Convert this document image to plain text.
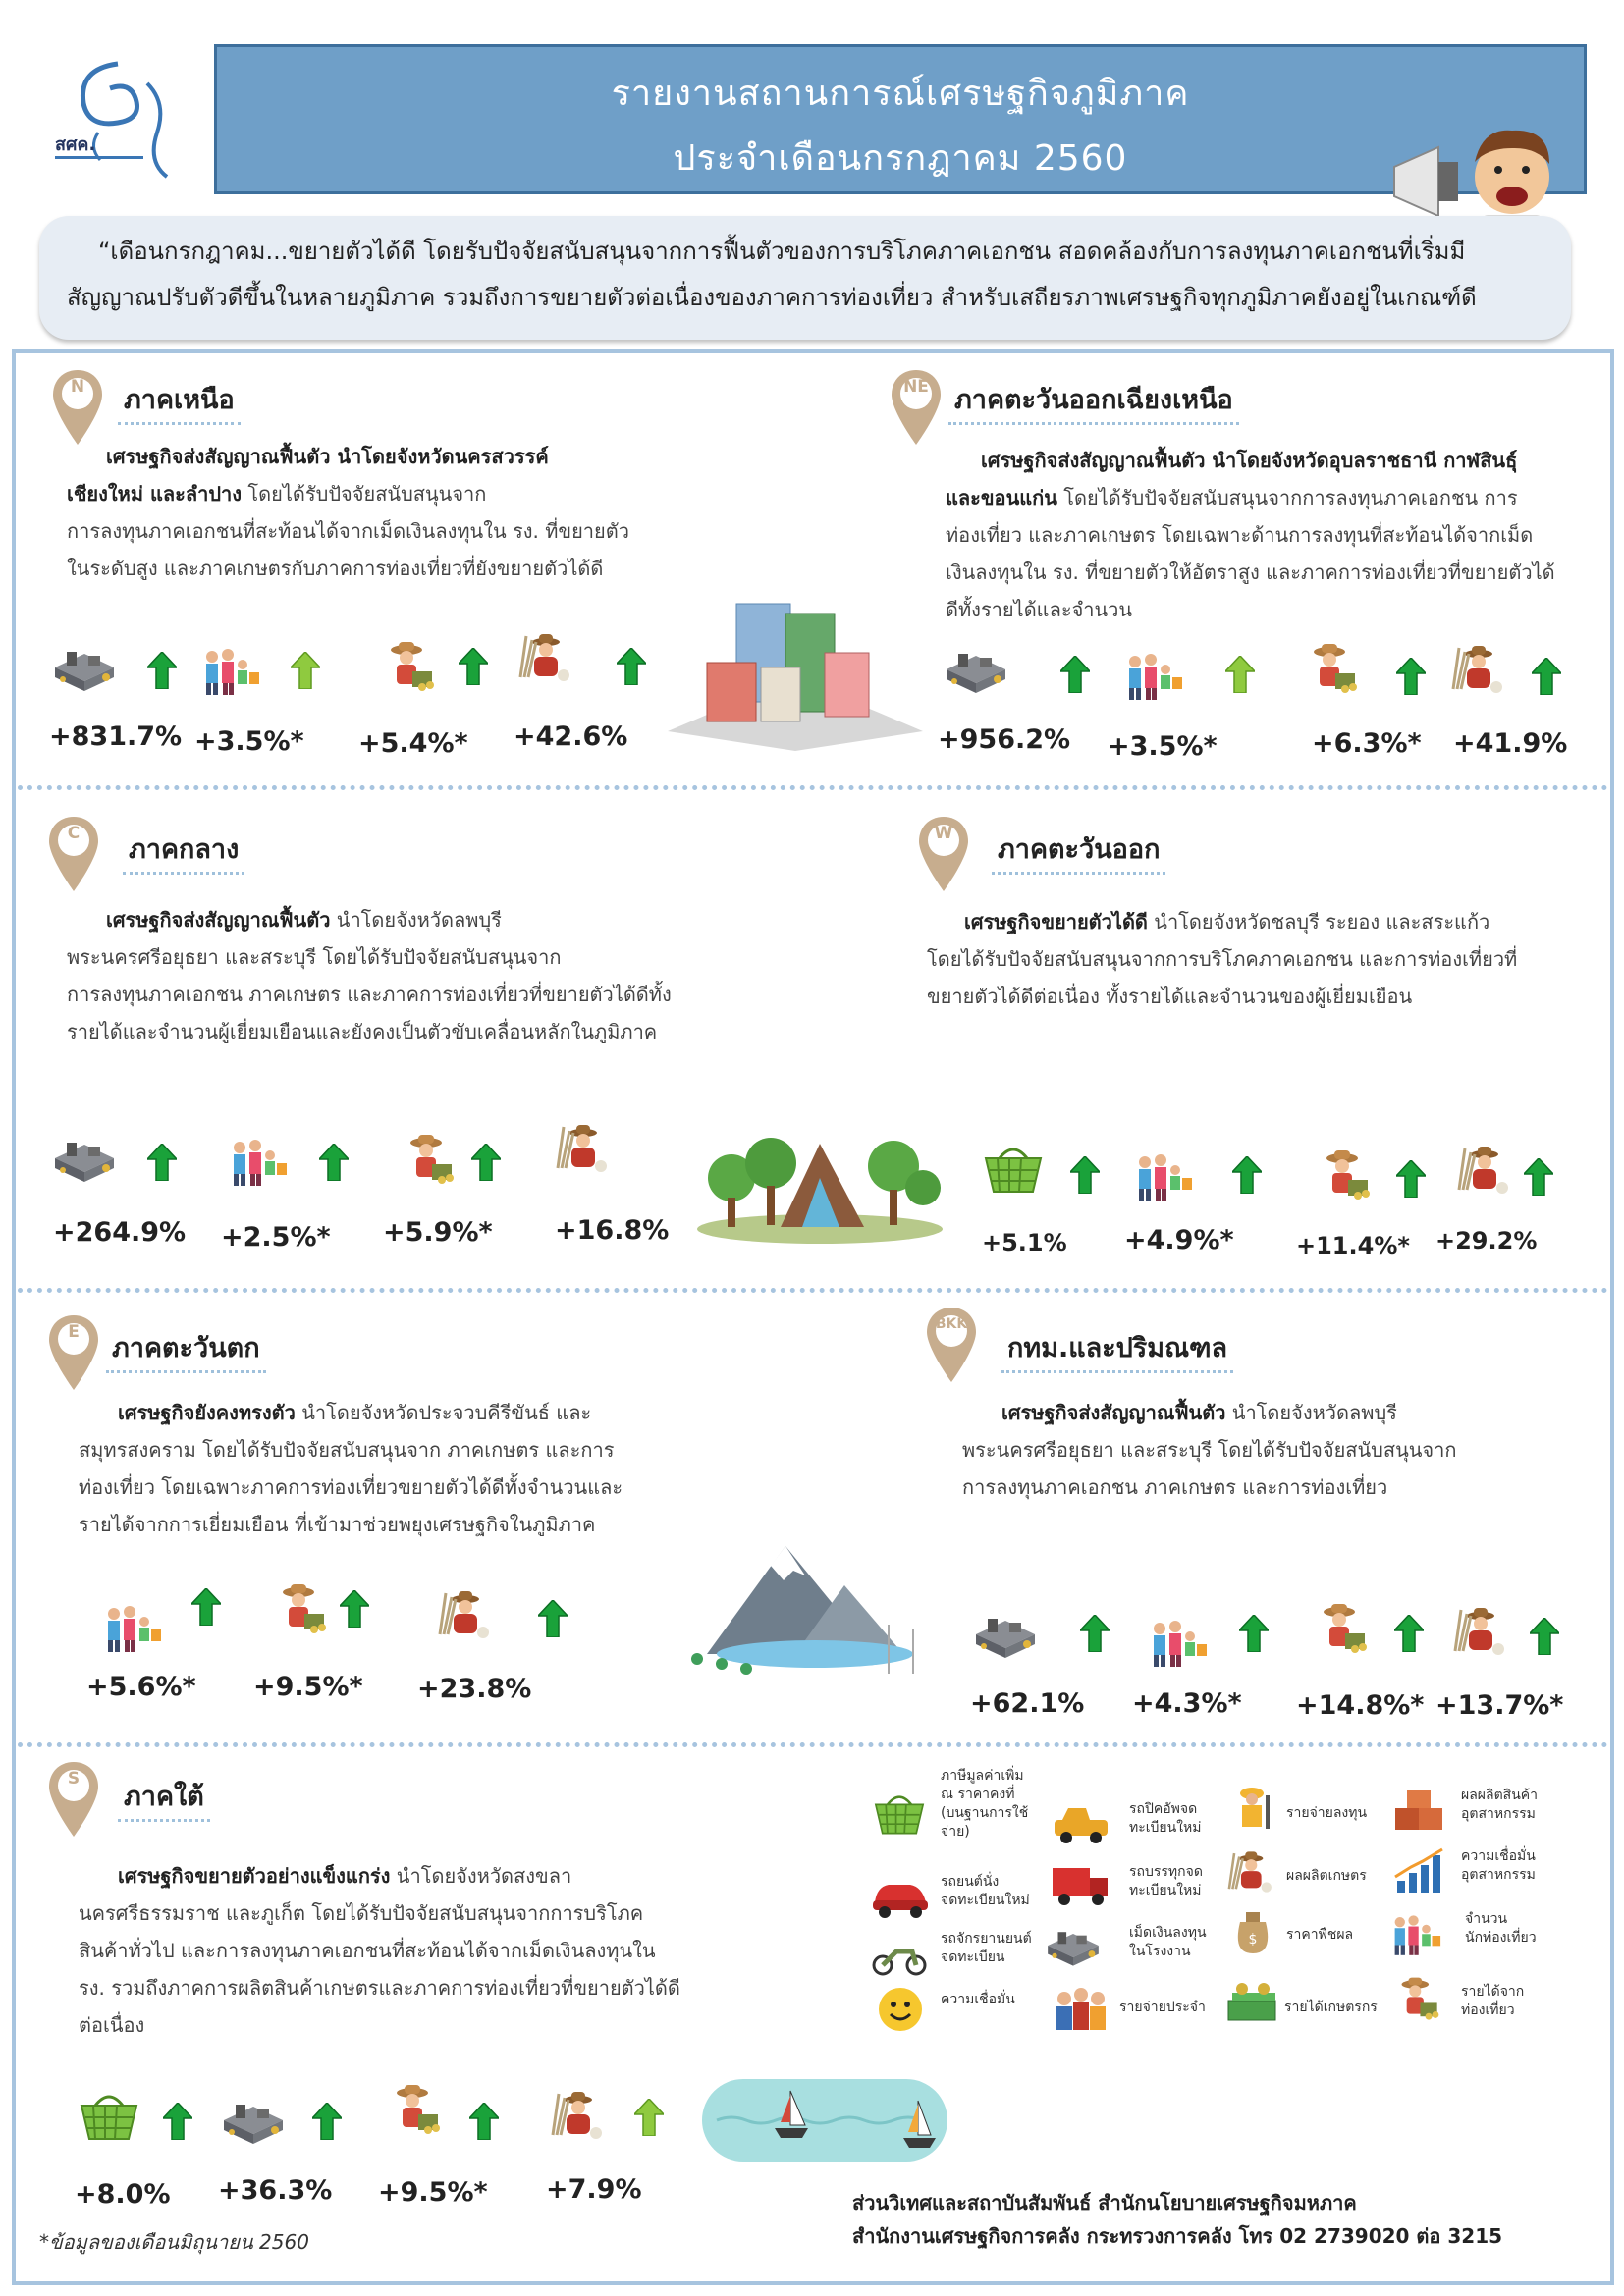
สศค.
รายงานสถานการณ์เศรษฐกิจภูมิภาค
ประจำเดือนกรกฎาคม 2560
“เดือนกรกฎาคม...ขยายตัวได้ดี โดยรับปัจจัยสนับสนุนจากการฟื้นตัวของการบริโภคภาคเอกชน สอดคล้องกับการลงทุนภาคเอกชนที่เริ่มมี
สัญญาณปรับตัวดีขึ้นในหลายภูมิภาค รวมถึงการขยายตัวต่อเนื่องของภาคการท่องเที่ยว สำหรับเสถียรภาพเศรษฐกิจทุกภูมิภาคยังอยู่ในเกณฑ์ดี
N	ภาคเหนือ
เศรษฐกิจส่งสัญญาณฟื้นตัว นำโดยจังหวัดนครสวรรค์
เชียงใหม่ และลำปาง โดยได้รับปัจจัยสนับสนุนจาก
การลงทุนภาคเอกชนที่สะท้อนได้จากเม็ดเงินลงทุนใน รง. ที่ขยายตัว
ในระดับสูง และภาคเกษตรกับภาคการท่องเที่ยวที่ยังขยายตัวได้ดี
+831.7% +3.5%* +5.4%* +42.6%
NE ภาคตะวันออกเฉียงเหนือ
เศรษฐกิจส่งสัญญาณฟื้นตัว นำโดยจังหวัดอุบลราชธานี กาฬสินธุ์
และขอนแก่น โดยได้รับปัจจัยสนับสนุนจากการลงทุนภาคเอกชน การ
ท่องเที่ยว และภาคเกษตร โดยเฉพาะด้านการลงทุนที่สะท้อนได้จากเม็ด
เงินลงทุนใน รง. ที่ขยายตัวให้อัตราสูง และภาคการท่องเที่ยวที่ขยายตัวได้
ดีทั้งรายได้และจำนวน
+956.2% +3.5%*	+6.3%* +41.9%
C
ภาคกลาง
เศรษฐกิจส่งสัญญาณฟื้นตัว นำโดยจังหวัดลพบุรี
พระนครศรีอยุธยา และสระบุรี โดยได้รับปัจจัยสนับสนุนจาก
การลงทุนภาคเอกชน ภาคเกษตร และภาคการท่องเที่ยวที่ขยายตัวได้ดีทั้ง
รายได้และจำนวนผู้เยี่ยมเยือนและยังคงเป็นตัวขับเคลื่อนหลักในภูมิภาค
+264.9% +2.5%* +5.9%* +16.8%
W
ภาคตะวันออก
เศรษฐกิจขยายตัวได้ดี นำโดยจังหวัดชลบุรี ระยอง และสระแก้ว
โดยได้รับปัจจัยสนับสนุนจากการบริโภคภาคเอกชน และการท่องเที่ยวที่
ขยายตัวได้ดีต่อเนื่อง ทั้งรายได้และจำนวนของผู้เยี่ยมเยือน
+5.1% +4.9%*	+11.4%* +29.2%
E
ภาคตะวันตก
เศรษฐกิจยังคงทรงตัว นำโดยจังหวัดประจวบคีรีขันธ์ และ
สมุทรสงคราม โดยได้รับปัจจัยสนับสนุนจาก ภาคเกษตร และการ
ท่องเที่ยว โดยเฉพาะภาคการท่องเที่ยวขยายตัวได้ดีทั้งจำนวนและ
รายได้จากการเยี่ยมเยือน ที่เข้ามาช่วยพยุงเศรษฐกิจในภูมิภาค
+5.6%* +9.5%* +23.8%
BKK
กทม.และปริมณฑล
เศรษฐกิจส่งสัญญาณฟื้นตัว นำโดยจังหวัดลพบุรี
พระนครศรีอยุธยา และสระบุรี โดยได้รับปัจจัยสนับสนุนจาก
การลงทุนภาคเอกชน ภาคเกษตร และการท่องเที่ยว
+62.1% +4.3%* +14.8%* +13.7%*
S
ภาคใต้
เศรษฐกิจขยายตัวอย่างแข็งแกร่ง นำโดยจังหวัดสงขลา
นครศรีธรรมราช และภูเก็ต โดยได้รับปัจจัยสนับสนุนจากการบริโภค
สินค้าทั่วไป และการลงทุนภาคเอกชนที่สะท้อนได้จากเม็ดเงินลงทุนใน
รง. รวมถึงภาคการผลิตสินค้าเกษตรและภาคการท่องเที่ยวที่ขยายตัวได้ดี
ต่อเนื่อง
+8.0% +36.3% +9.5%* +7.9%
ภาษีมูลค่าเพิ่ม
ณ ราคาคงที่
(บนฐานการใช้
จ่าย)
รถยนต์นั่ง
จดทะเบียนใหม่
รถจักรยานยนต์
จดทะเบียน
ความเชื่อมั่น
รถปิคอัพจด
ทะเบียนใหม่
รถบรรทุกจด
ทะเบียนใหม่
เม็ดเงินลงทุน
ในโรงงาน
รายจ่ายประจำ
รายจ่ายลงทุน
ผลผลิตเกษตร
$ ราคาพืชผล
รายได้เกษตรกร
ผลผลิตสินค้า
อุตสาหกรรม
ความเชื่อมั่น
อุตสาหกรรม
จำนวน
นักท่องเที่ยว
รายได้จาก
ท่องเที่ยว
*ข้อมูลของเดือนมิถุนายน 2560
ส่วนวิเทศและสถาบันสัมพันธ์ สำนักนโยบายเศรษฐกิจมหภาค
สำนักงานเศรษฐกิจการคลัง กระทรวงการคลัง โทร 02 2739020 ต่อ 3215
